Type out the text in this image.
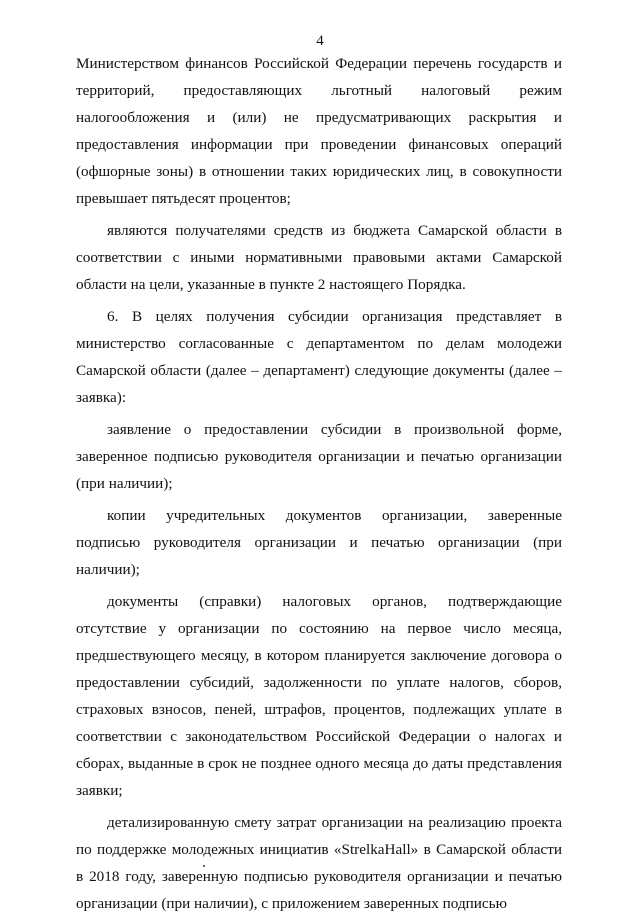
4

Министерством финансов Российской Федерации перечень государств и территорий, предоставляющих льготный налоговый режим налогообложения и (или) не предусматривающих раскрытия и предоставления информации при проведении финансовых операций (офшорные зоны) в отношении таких юридических лиц, в совокупности превышает пятьдесят процентов;

являются получателями средств из бюджета Самарской области в соответствии с иными нормативными правовыми актами Самарской области на цели, указанные в пункте 2 настоящего Порядка.

6. В целях получения субсидии организация представляет в министерство согласованные с департаментом по делам молодежи Самарской области (далее – департамент) следующие документы (далее – заявка):

заявление о предоставлении субсидии в произвольной форме, заверенное подписью руководителя организации и печатью организации (при наличии);

копии учредительных документов организации, заверенные подписью руководителя организации и печатью организации (при наличии);

документы (справки) налоговых органов, подтверждающие отсутствие у организации по состоянию на первое число месяца, предшествующего месяцу, в котором планируется заключение договора о предоставлении субсидий, задолженности по уплате налогов, сборов, страховых взносов, пеней, штрафов, процентов, подлежащих уплате в соответствии с законодательством Российской Федерации о налогах и сборах, выданные в срок не позднее одного месяца до даты представления заявки;

детализированную смету затрат организации на реализацию проекта по поддержке молодежных инициатив «StrelkaHall» в Самарской области в 2018 году, заверенную подписью руководителя организации и печатью организации (при наличии), с приложением заверенных подписью
